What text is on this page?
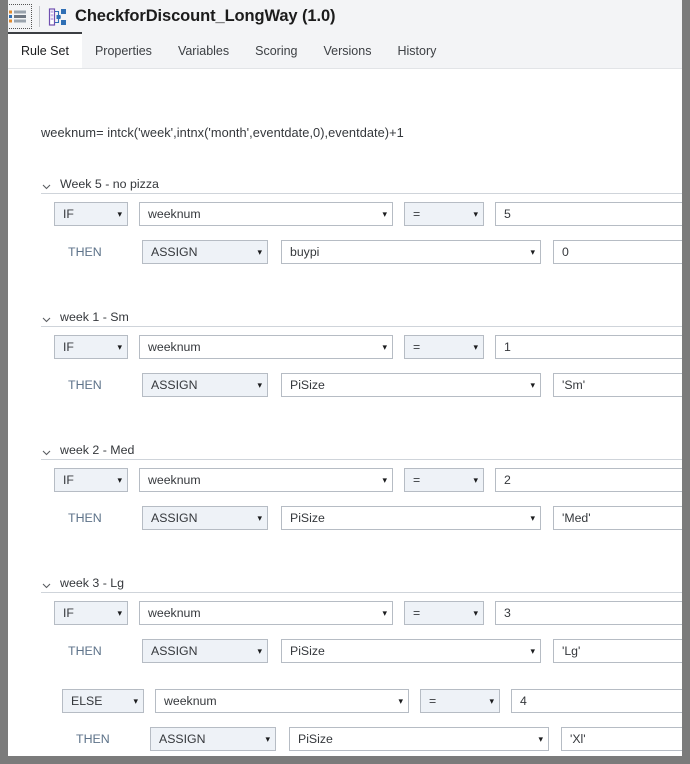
CheckforDiscount_LongWay (1.0)
Rule Set Properties Variables Scoring Versions History
weeknum= intck('week',intnx('month',eventdate,0),eventdate)+1
Week 5 - no pizza
IF	▾ weeknum	▾ =	▾ 5
THEN	ASSIGN	▾ buypi	▾ 0
week 1 - Sm
IF	▾ weeknum	▾ =	▾ 1
THEN	ASSIGN	▾ PiSize	▾ 'Sm'
week 2 - Med
IF	▾ weeknum	▾ =	▾ 2
THEN	ASSIGN	▾ PiSize	▾ 'Med'
week 3 - Lg
IF	▾ weeknum	▾ =	▾ 3
THEN	ASSIGN	▾ PiSize	▾ 'Lg'
ELSE	▾ weeknum	▾ =	▾ 4
THEN	ASSIGN	▾ PiSize	▾ 'Xl'
